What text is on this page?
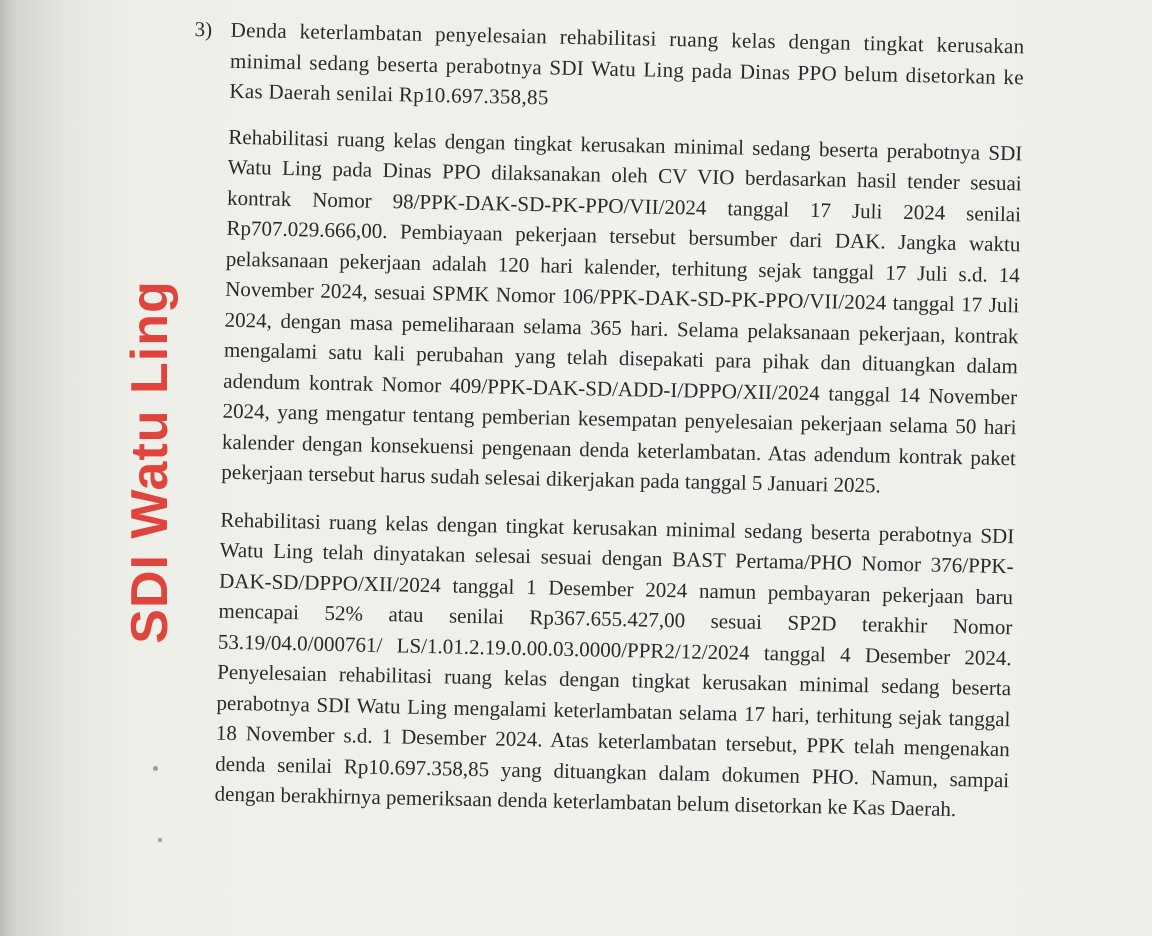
SDI Watu Ling
3) Denda keterlambatan penyelesaian rehabilitasi ruang kelas dengan tingkat kerusakan minimal sedang beserta perabotnya SDI Watu Ling pada Dinas PPO belum disetorkan ke Kas Daerah senilai Rp10.697.358,85

Rehabilitasi ruang kelas dengan tingkat kerusakan minimal sedang beserta perabotnya SDI Watu Ling pada Dinas PPO dilaksanakan oleh CV VIO berdasarkan hasil tender sesuai kontrak Nomor 98/PPK-DAK-SD-PK-PPO/VII/2024 tanggal 17 Juli 2024 senilai Rp707.029.666,00. Pembiayaan pekerjaan tersebut bersumber dari DAK. Jangka waktu pelaksanaan pekerjaan adalah 120 hari kalender, terhitung sejak tanggal 17 Juli s.d. 14 November 2024, sesuai SPMK Nomor 106/PPK-DAK-SD-PK-PPO/VII/2024 tanggal 17 Juli 2024, dengan masa pemeliharaan selama 365 hari. Selama pelaksanaan pekerjaan, kontrak mengalami satu kali perubahan yang telah disepakati para pihak dan dituangkan dalam adendum kontrak Nomor 409/PPK-DAK-SD/ADD-I/DPPO/XII/2024 tanggal 14 November 2024, yang mengatur tentang pemberian kesempatan penyelesaian pekerjaan selama 50 hari kalender dengan konsekuensi pengenaan denda keterlambatan. Atas adendum kontrak paket pekerjaan tersebut harus sudah selesai dikerjakan pada tanggal 5 Januari 2025.

Rehabilitasi ruang kelas dengan tingkat kerusakan minimal sedang beserta perabotnya SDI Watu Ling telah dinyatakan selesai sesuai dengan BAST Pertama/PHO Nomor 376/PPK-DAK-SD/DPPO/XII/2024 tanggal 1 Desember 2024 namun pembayaran pekerjaan baru mencapai 52% atau senilai Rp367.655.427,00 sesuai SP2D terakhir Nomor 53.19/04.0/000761/ LS/1.01.2.19.0.00.03.0000/PPR2/12/2024 tanggal 4 Desember 2024. Penyelesaian rehabilitasi ruang kelas dengan tingkat kerusakan minimal sedang beserta perabotnya SDI Watu Ling mengalami keterlambatan selama 17 hari, terhitung sejak tanggal 18 November s.d. 1 Desember 2024. Atas keterlambatan tersebut, PPK telah mengenakan denda senilai Rp10.697.358,85 yang dituangkan dalam dokumen PHO. Namun, sampai dengan berakhirnya pemeriksaan denda keterlambatan belum disetorkan ke Kas Daerah.
